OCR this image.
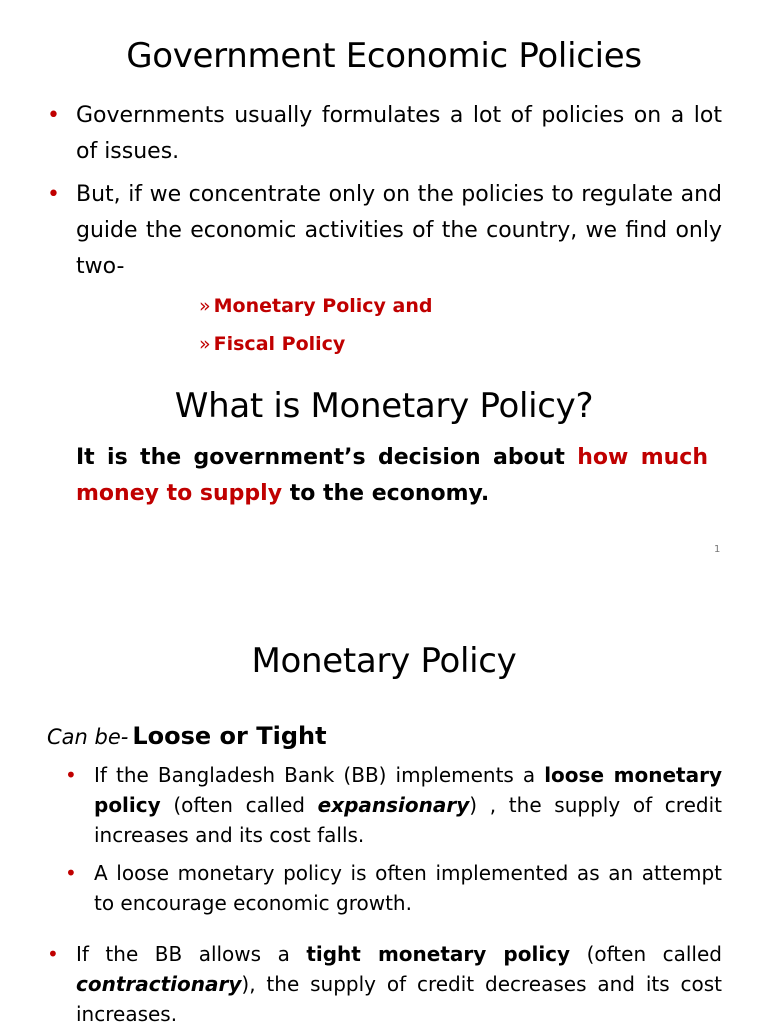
Government Economic Policies
• Governments usually formulates a lot of policies on a lot of issues.
• But, if we concentrate only on the policies to regulate and guide the economic activities of the country, we find only two-
» Monetary Policy and
» Fiscal Policy
What is Monetary Policy?
It is the government’s decision about how much money to supply to the economy.
1
Monetary Policy
Can be- Loose or Tight
• If the Bangladesh Bank (BB) implements a loose monetary policy (often called expansionary) , the supply of credit increases and its cost falls.
• A loose monetary policy is often implemented as an attempt to encourage economic growth.
• If the BB allows a tight monetary policy (often called contractionary), the supply of credit decreases and its cost increases.
